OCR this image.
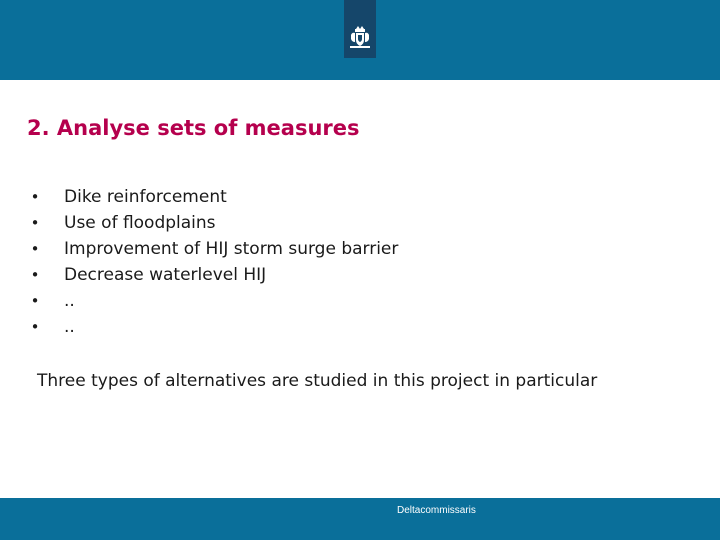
2. Analyse sets of measures
• Dike reinforcement
• Use of floodplains
• Improvement of HIJ storm surge barrier
• Decrease waterlevel HIJ
• ..
• ..

Three types of alternatives are studied in this project in particular

Deltacommissaris
